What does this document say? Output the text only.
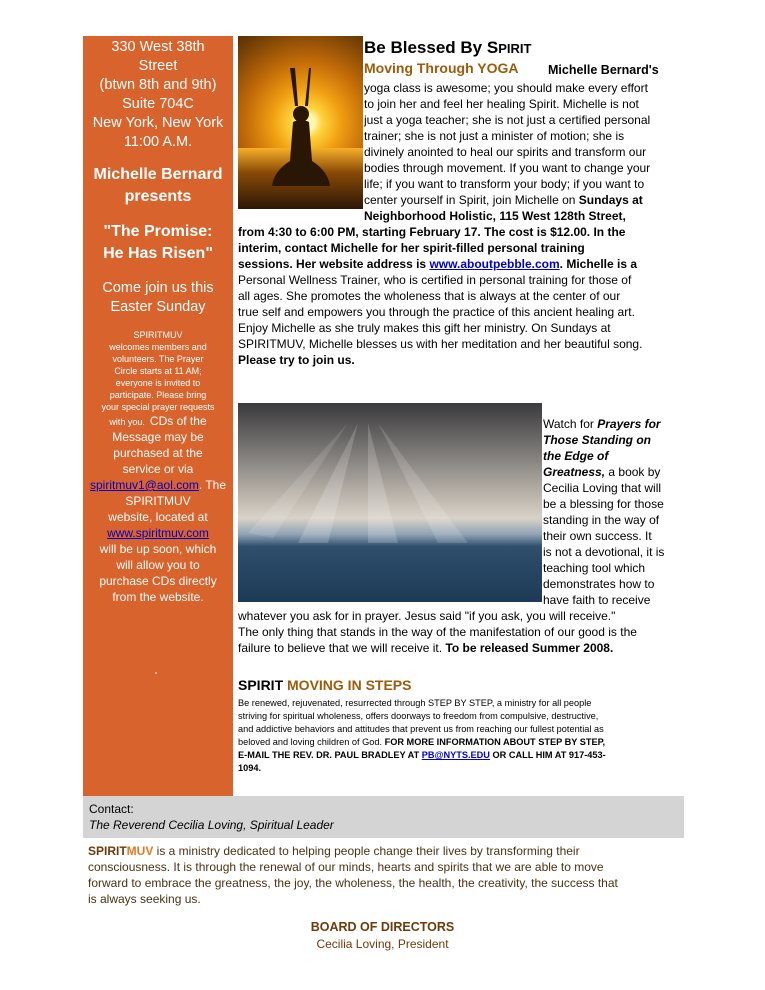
330 West 38th
Street
(btwn 8th and 9th)
Suite 704C
New York, New York
11:00 A.M.
Michelle Bernard
presents
"The Promise:
He Has Risen"
Come join us this
Easter Sunday
SPIRITMUV
welcomes members and
volunteers. The Prayer
Circle starts at 11 AM;
everyone is invited to
participate. Please bring
your special prayer requests
with you. CDs of the
Message may be
purchased at the
service or via
spiritmuv1@aol.com. The SPIRITMUV
website, located at
www.spiritmuv.com
will be up soon, which
will allow you to
purchase CDs directly
from the website.
Be Blessed By SPIRIT
Moving Through YOGA Michelle Bernard's
yoga class is awesome; you should make every effort
to join her and feel her healing Spirit. Michelle is not
just a yoga teacher; she is not just a certified personal
trainer; she is not just a minister of motion; she is
divinely anointed to heal our spirits and transform our
bodies through movement. If you want to change your
life; if you want to transform your body; if you want to
center yourself in Spirit, join Michelle on Sundays at
Neighborhood Holistic, 115 West 128th Street,
from 4:30 to 6:00 PM, starting February 17. The cost is $12.00. In the
interim, contact Michelle for her spirit-filled personal training
sessions. Her website address is www.aboutpebble.com. Michelle is a
Personal Wellness Trainer, who is certified in personal training for those of
all ages. She promotes the wholeness that is always at the center of our
true self and empowers you through the practice of this ancient healing art.
Enjoy Michelle as she truly makes this gift her ministry. On Sundays at
SPIRITMUV, Michelle blesses us with her meditation and her beautiful song.
Please try to join us.
Watch for Prayers for
Those Standing on
the Edge of
Greatness, a book by
Cecilia Loving that will
be a blessing for those
standing in the way of
their own success. It
is not a devotional, it is
teaching tool which
demonstrates how to
have faith to receive
whatever you ask for in prayer. Jesus said "if you ask, you will receive."
The only thing that stands in the way of the manifestation of our good is the
failure to believe that we will receive it. To be released Summer 2008.
SPIRIT MOVING IN STEPS
Be renewed, rejuvenated, resurrected through STEP BY STEP, a ministry for all people
striving for spiritual wholeness, offers doorways to freedom from compulsive, destructive,
and addictive behaviors and attitudes that prevent us from reaching our fullest potential as
beloved and loving children of God. FOR MORE INFORMATION ABOUT STEP BY STEP,
E-MAIL THE REV. DR. PAUL BRADLEY AT PB@NYTS.EDU OR CALL HIM AT 917-453-
1094.
Contact:
The Reverend Cecilia Loving, Spiritual Leader
SPIRITMUV is a ministry dedicated to helping people change their lives by transforming their
consciousness. It is through the renewal of our minds, hearts and spirits that we are able to move
forward to embrace the greatness, the joy, the wholeness, the health, the creativity, the success that
is always seeking us.
BOARD OF DIRECTORS
Cecilia Loving, President
